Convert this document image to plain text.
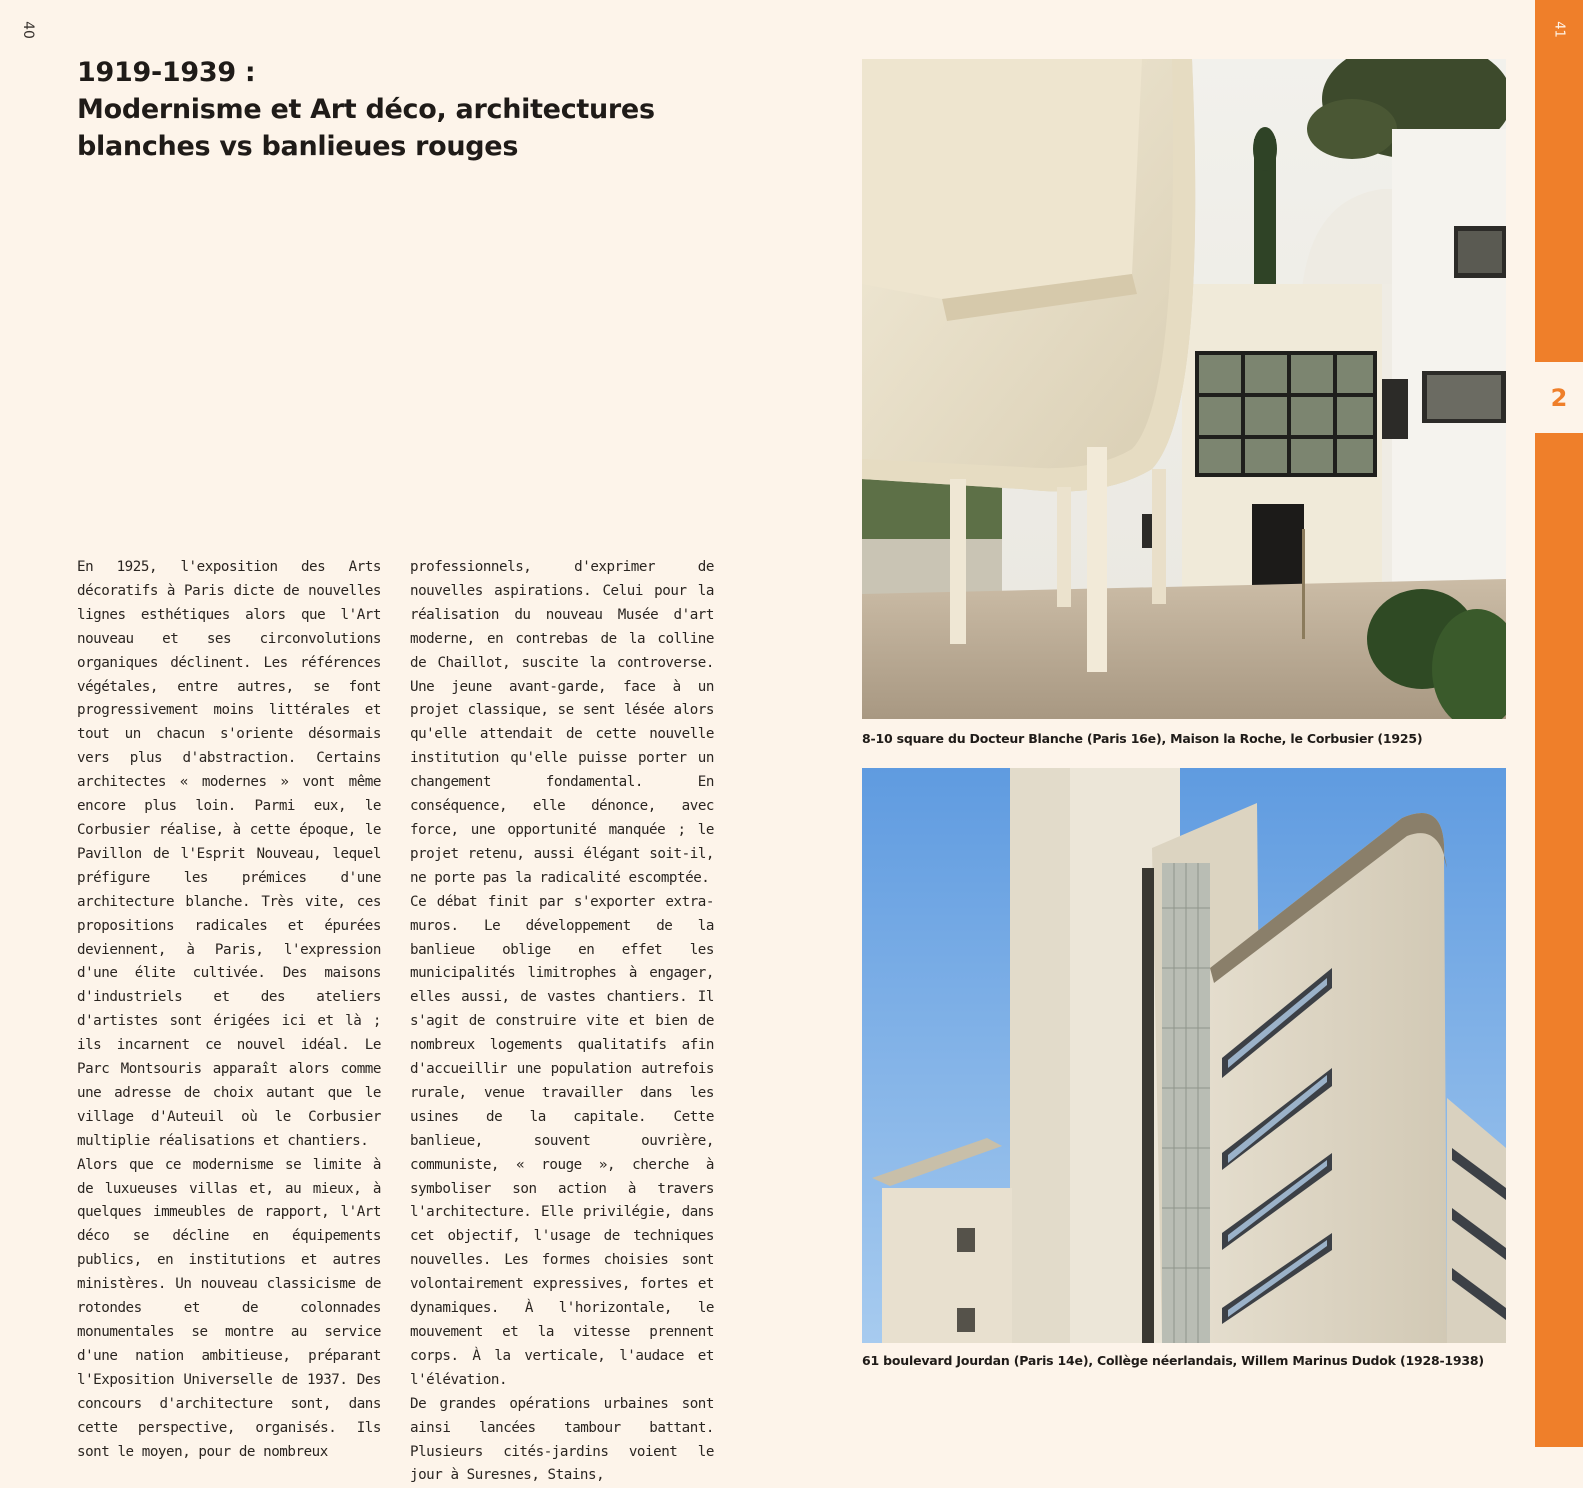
40
1919-1939 :
Modernisme et Art déco, architectures
blanches vs banlieues rouges

En 1925, l'exposition des Arts décoratifs à Paris dicte de nouvelles lignes esthétiques alors que l'Art nouveau et ses circonvolutions organiques déclinent. Les références végétales, entre autres, se font progressivement moins littérales et tout un chacun s'oriente désormais vers plus d'abstraction. Certains architectes « modernes » vont même encore plus loin. Parmi eux, le Corbusier réalise, à cette époque, le Pavillon de l'Esprit Nouveau, lequel préfigure les prémices d'une architecture blanche. Très vite, ces propositions radicales et épurées deviennent, à Paris, l'expression d'une élite cultivée. Des maisons d'industriels et des ateliers d'artistes sont érigées ici et là ; ils incarnent ce nouvel idéal. Le Parc Montsouris apparaît alors comme une adresse de choix autant que le village d'Auteuil où le Corbusier multiplie réalisations et chantiers.

Alors que ce modernisme se limite à de luxueuses villas et, au mieux, à quelques immeubles de rapport, l'Art déco se décline en équipements publics, en institutions et autres ministères. Un nouveau classicisme de rotondes et de colonnades monumentales se montre au service d'une nation ambitieuse, préparant l'Exposition Universelle de 1937. Des concours d'architecture sont, dans cette perspective, organisés. Ils sont le moyen, pour de nombreux

professionnels, d'exprimer de nouvelles aspirations. Celui pour la réalisation du nouveau Musée d'art moderne, en contrebas de la colline de Chaillot, suscite la controverse. Une jeune avant-garde, face à un projet classique, se sent lésée alors qu'elle attendait de cette nouvelle institution qu'elle puisse porter un changement fondamental. En conséquence, elle dénonce, avec force, une opportunité manquée ; le projet retenu, aussi élégant soit-il, ne porte pas la radicalité escomptée.

Ce débat finit par s'exporter extra-muros. Le développement de la banlieue oblige en effet les municipalités limitrophes à engager, elles aussi, de vastes chantiers. Il s'agit de construire vite et bien de nombreux logements qualitatifs afin d'accueillir une population autrefois rurale, venue travailler dans les usines de la capitale. Cette banlieue, souvent ouvrière, communiste, « rouge », cherche à symboliser son action à travers l'architecture. Elle privilégie, dans cet objectif, l'usage de techniques nouvelles. Les formes choisies sont volontairement expressives, fortes et dynamiques. À l'horizontale, le mouvement et la vitesse prennent corps. À la verticale, l'audace et l'élévation.

De grandes opérations urbaines sont ainsi lancées tambour battant. Plusieurs cités-jardins voient le jour à Suresnes, Stains,

8-10 square du Docteur Blanche (Paris 16e), Maison la Roche, le Corbusier (1925)
61 boulevard Jourdan (Paris 14e), Collège néerlandais, Willem Marinus Dudok (1928-1938)
41
2
